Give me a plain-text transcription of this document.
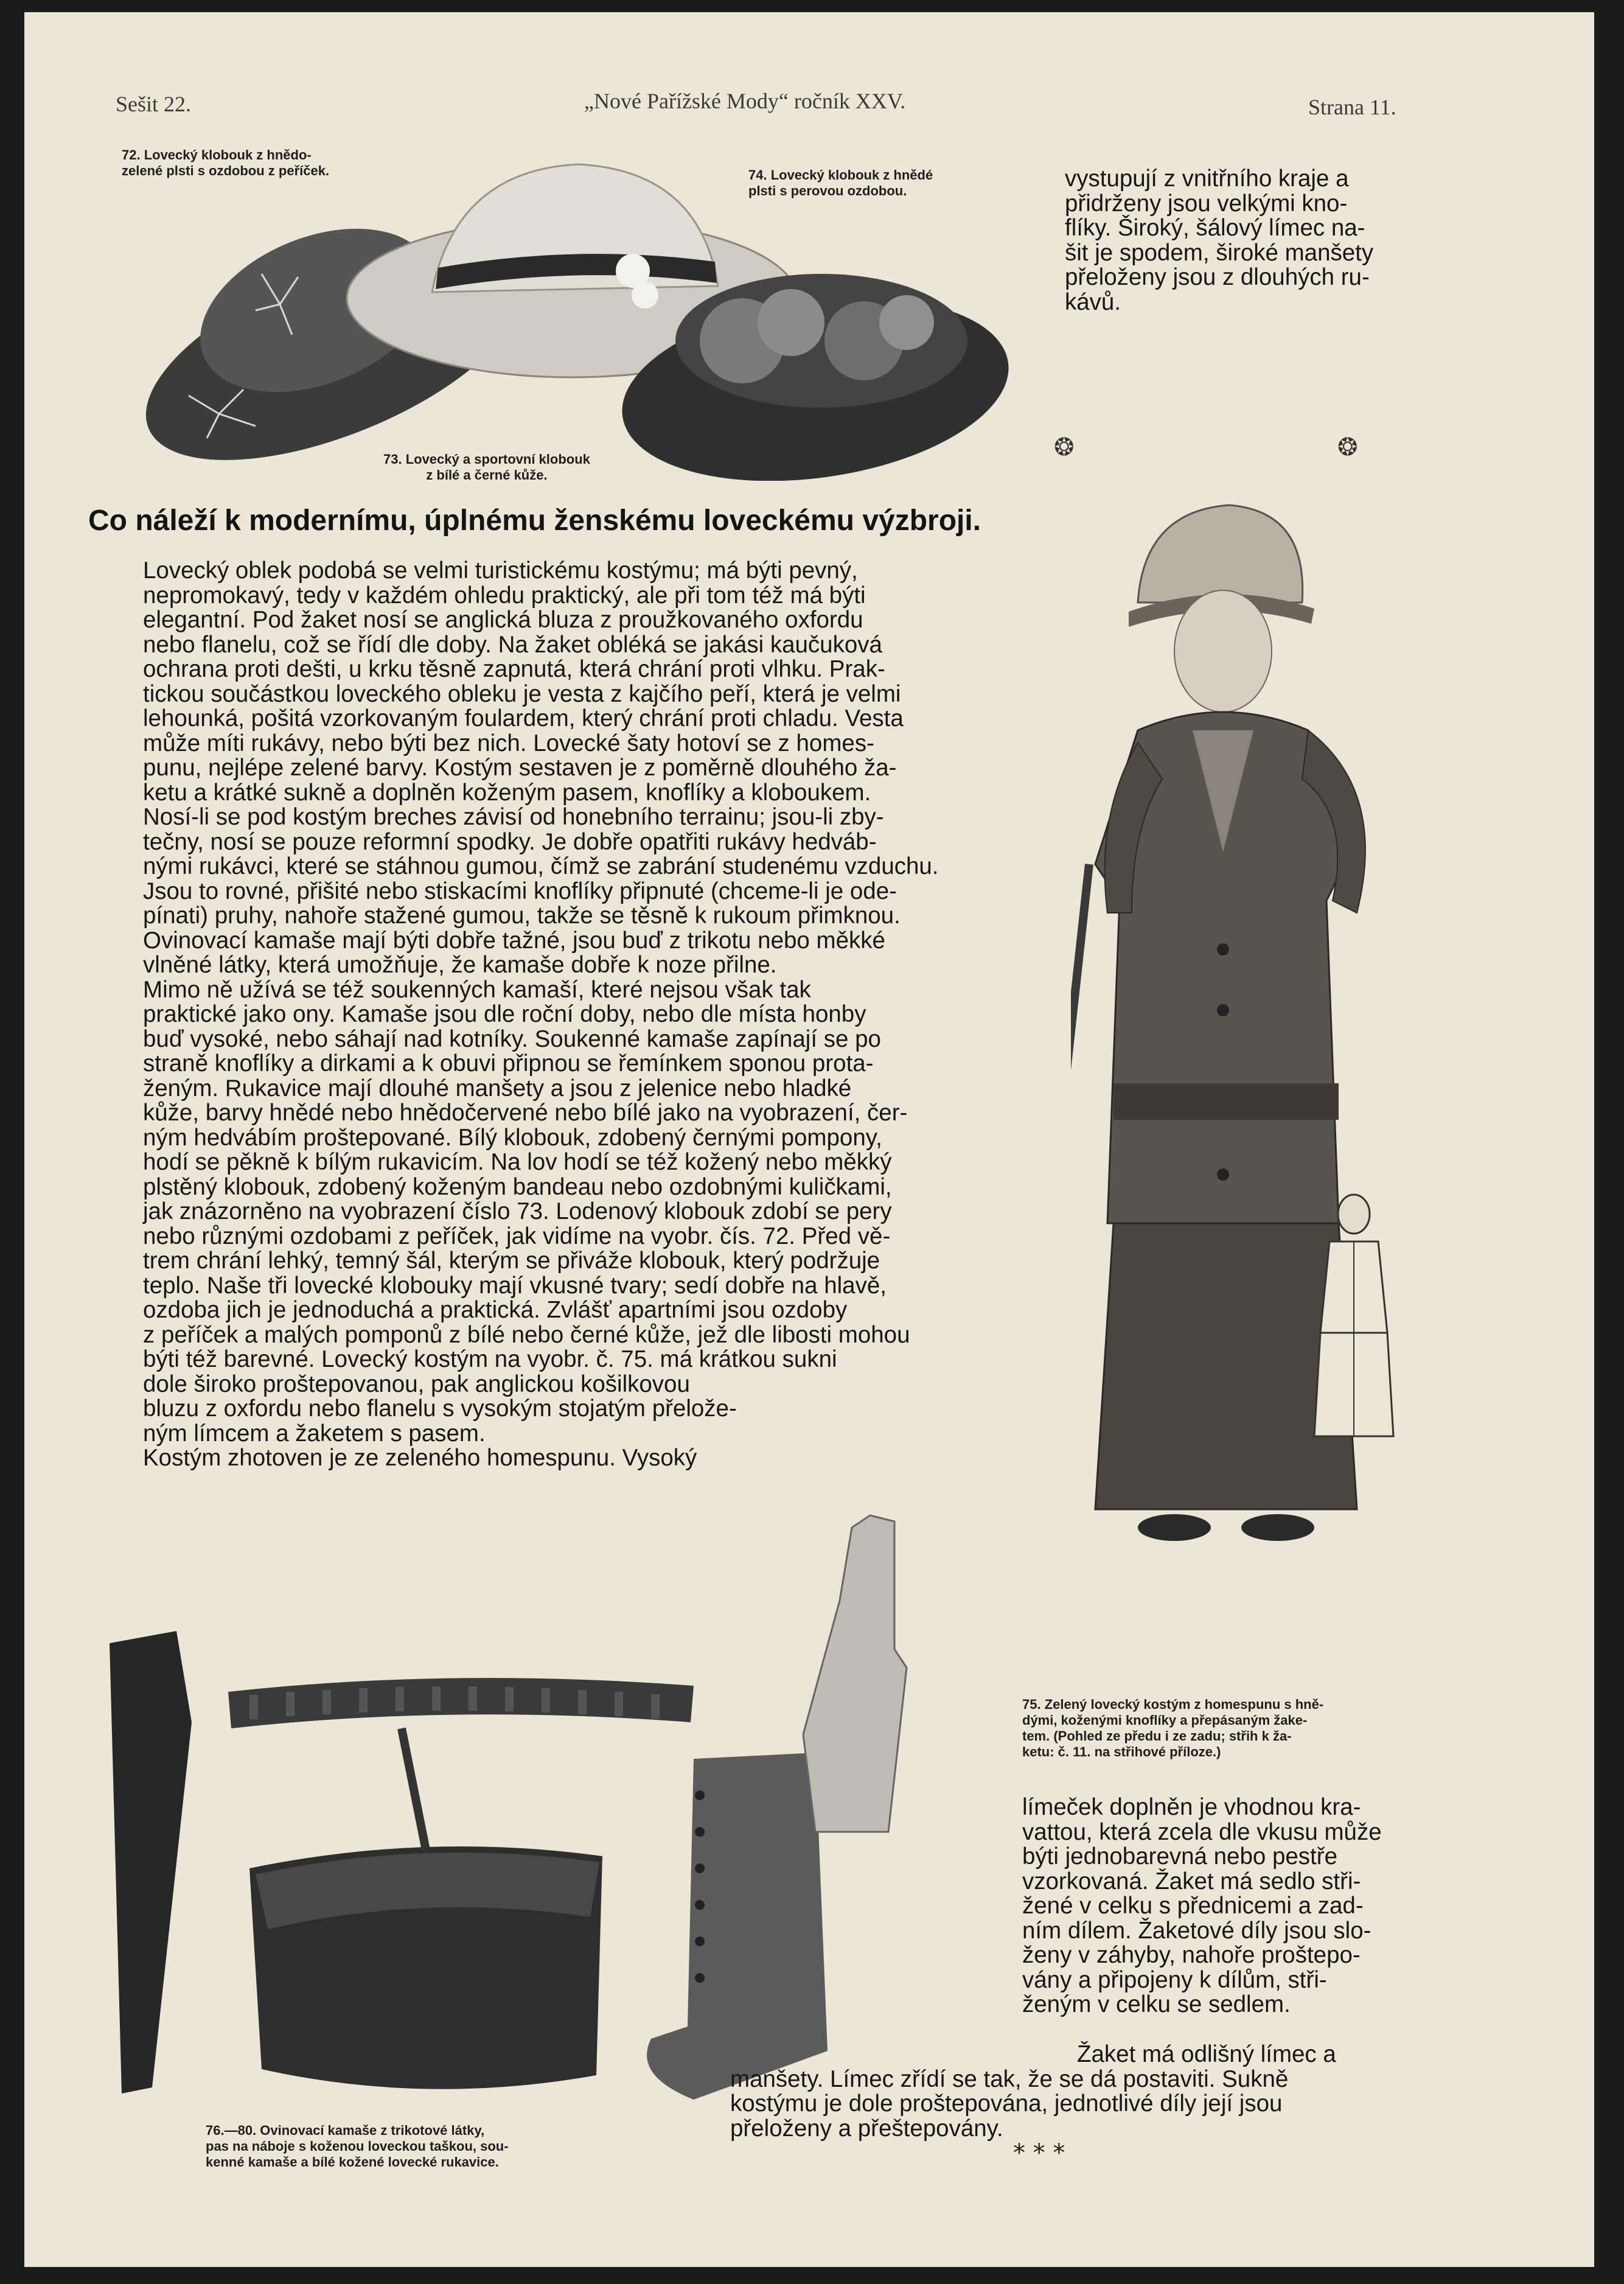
Sešit 22.	„Nové Pařížské Mody“ ročník XXV.	Strana 11.
72. Lovecký klobouk z hnědo-
zelené plsti s ozdobou z peříček.	74. Lovecký klobouk z hnědé
plsti s perovou ozdobou.
73. Lovecký a sportovní klobouk
z bílé a černé kůže.
vystupují z vnitřního kraje a
přidrženy jsou velkými kno-
flíky. Široký, šálový límec na-
šit je spodem, široké manšety
přeloženy jsou z dlouhých ru-
kávů.
❂	❂
Co náleží k modernímu, úplnému ženskému loveckému výzbroji.

Lovecký oblek podobá se velmi turistickému kostýmu; má býti pevný,
nepromokavý, tedy v každém ohledu praktický, ale při tom též má býti
elegantní. Pod žaket nosí se anglická bluza z proužkovaného oxfordu
nebo flanelu, což se řídí dle doby. Na žaket obléká se jakási kaučuková
ochrana proti dešti, u krku těsně zapnutá, která chrání proti vlhku. Prak-
tickou součástkou loveckého obleku je vesta z kajčího peří, která je velmi
lehounká, pošitá vzorkovaným foulardem, který chrání proti chladu. Vesta
může míti rukávy, nebo býti bez nich. Lovecké šaty hotoví se z homes-
punu, nejlépe zelené barvy. Kostým sestaven je z poměrně dlouhého ža-
ketu a krátké sukně a doplněn koženým pasem, knoflíky a kloboukem.
Nosí-li se pod kostým breches závisí od honebního terrainu; jsou-li zby-
tečny, nosí se pouze reformní spodky. Je dobře opatřiti rukávy hedváb-
nými rukávci, které se stáhnou gumou, čímž se zabrání studenému vzduchu.
Jsou to rovné, přišité nebo stiskacími knoflíky připnuté (chceme-li je ode-
pínati) pruhy, nahoře stažené gumou, takže se těsně k rukoum přimknou.
Ovinovací kamaše mají býti dobře tažné, jsou buď z trikotu nebo měkké
vlněné látky, která umožňuje, že kamaše dobře k noze přilne.

Mimo ně užívá se též soukenných kamaší, které nejsou však tak
praktické jako ony. Kamaše jsou dle roční doby, nebo dle místa honby
buď vysoké, nebo sáhají nad kotníky. Soukenné kamaše zapínají se po
straně knoflíky a dirkami a k obuvi připnou se řemínkem sponou prota-
ženým. Rukavice mají dlouhé manšety a jsou z jelenice nebo hladké
kůže, barvy hnědé nebo hnědočervené nebo bílé jako na vyobrazení, čer-
ným hedvábím proštepované. Bílý klobouk, zdobený černými pompony,
hodí se pěkně k bílým rukavicím. Na lov hodí se též kožený nebo měkký
plstěný klobouk, zdobený koženým bandeau nebo ozdobnými kuličkami,
jak znázorněno na vyobrazení číslo 73. Lodenový klobouk zdobí se pery
nebo různými ozdobami z peříček, jak vidíme na vyobr. čís. 72. Před vě-
trem chrání lehký, temný šál, kterým se přiváže klobouk, který podržuje
teplo. Naše tři lovecké klobouky mají vkusné tvary; sedí dobře na hlavě,
ozdoba jich je jednoduchá a praktická. Zvlášť apartními jsou ozdoby
z peříček a malých pomponů z bílé nebo černé kůže, jež dle libosti mohou
býti též barevné. Lovecký kostým na vyobr. č. 75. má krátkou sukni
dole široko proštepovanou, pak anglickou košilkovou
bluzu z oxfordu nebo flanelu s vysokým stojatým přelože-
ným límcem a žaketem s pasem.

Kostým zhotoven je ze zeleného homespunu. Vysoký

75. Zelený lovecký kostým z homespunu s hně-
dými, koženými knoflíky a přepásaným žake-
tem. (Pohled ze předu i ze zadu; střih k ža-
ketu: č. 11. na střihové příloze.)
límeček doplněn je vhodnou kra-
vattou, která zcela dle vkusu může
býti jednobarevná nebo pestře
vzorkovaná. Žaket má sedlo stři-
žené v celku s přednicemi a zad-
ním dílem. Žaketové díly jsou slo-
ženy v záhyby, nahoře proštepo-
vány a připojeny k dílům, stři-
ženým v celku se sedlem.
Žaket má odlišný límec a
manšety. Límec zřídí se tak, že se dá postaviti. Sukně
kostýmu je dole proštepována, jednotlivé díly její jsou
přeloženy a přeštepovány.
* * *
76.—80. Ovinovací kamaše z trikotové látky,
pas na náboje s koženou loveckou taškou, sou-
kenné kamaše a bílé kožené lovecké rukavice.
